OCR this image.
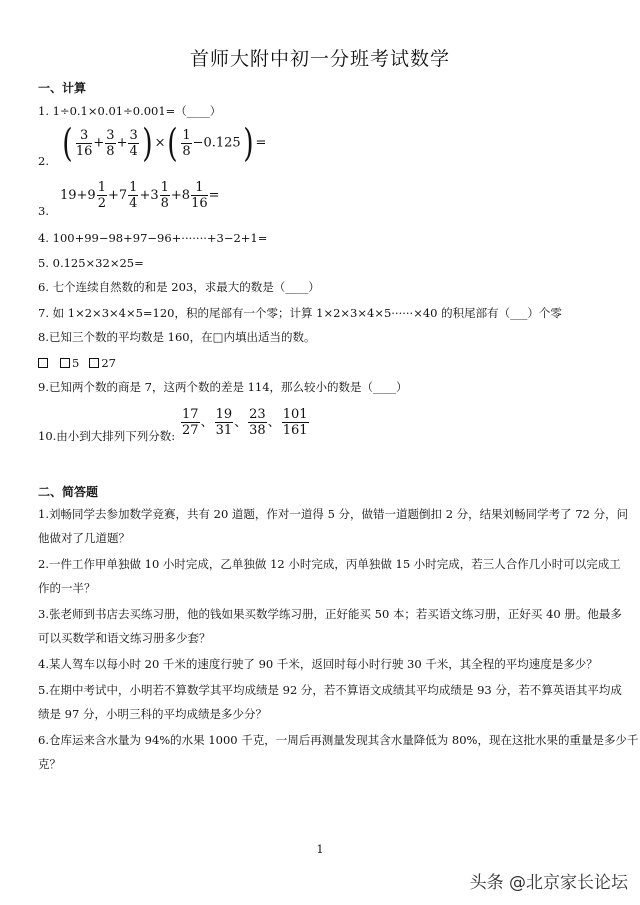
首师大附中初一分班考试数学
一、计算
1. 1÷0.1×0.01÷0.001=（____）
2. ( $\frac{3}{16} + \frac{3}{8} + \frac{3}{4}$ ) ×( $\frac{1}{8} -0.125$) =
3.
$19+9 \frac{1}{2} +7 \frac{1}{4} +3 \frac{1}{8} +8 \frac{1}{16}$ =
4. 100+99−98+97−96+·······+3−2+1=
5. 0.125×32×25=
6. 七个连续自然数的和是 203，求最大的数是（____）
7. 如 1×2×3×4×5=120，积的尾部有一个零；计算 1×2×3×4×5······×40 的积尾部有（___）个零
8.已知三个数的平均数是 160，在□内填出适当的数。
5 27
9.已知两个数的商是 7，这两个数的差是 114，那么较小的数是（____）
10.由小到大排列下列分数: $\frac{17}{27}$ 、 $\frac{19}{31}$ 、 $\frac{23}{38}$ 、 $\frac{101}{161}$
二、简答题
1.刘畅同学去参加数学竞赛，共有 20 道题，作对一道得 5 分，做错一道题倒扣 2 分，结果刘畅同学考了 72 分，问
他做对了几道题？
2.一件工作甲单独做 10 小时完成，乙单独做 12 小时完成，丙单独做 15 小时完成，若三人合作几小时可以完成工
作的一半？
3.张老师到书店去买练习册，他的钱如果买数学练习册，正好能买 50 本；若买语文练习册，正好买 40 册。他最多
可以买数学和语文练习册多少套？
4.某人驾车以每小时 20 千米的速度行驶了 90 千米，返回时每小时行驶 30 千米，其全程的平均速度是多少？
5.在期中考试中，小明若不算数学其平均成绩是 92 分，若不算语文成绩其平均成绩是 93 分，若不算英语其平均成
绩是 97 分，小明三科的平均成绩是多少分？
6.仓库运来含水量为 94%的水果 1000 千克，一周后再测量发现其含水量降低为 80%，现在这批水果的重量是多少千
克？
1
头条 @北京家长论坛
